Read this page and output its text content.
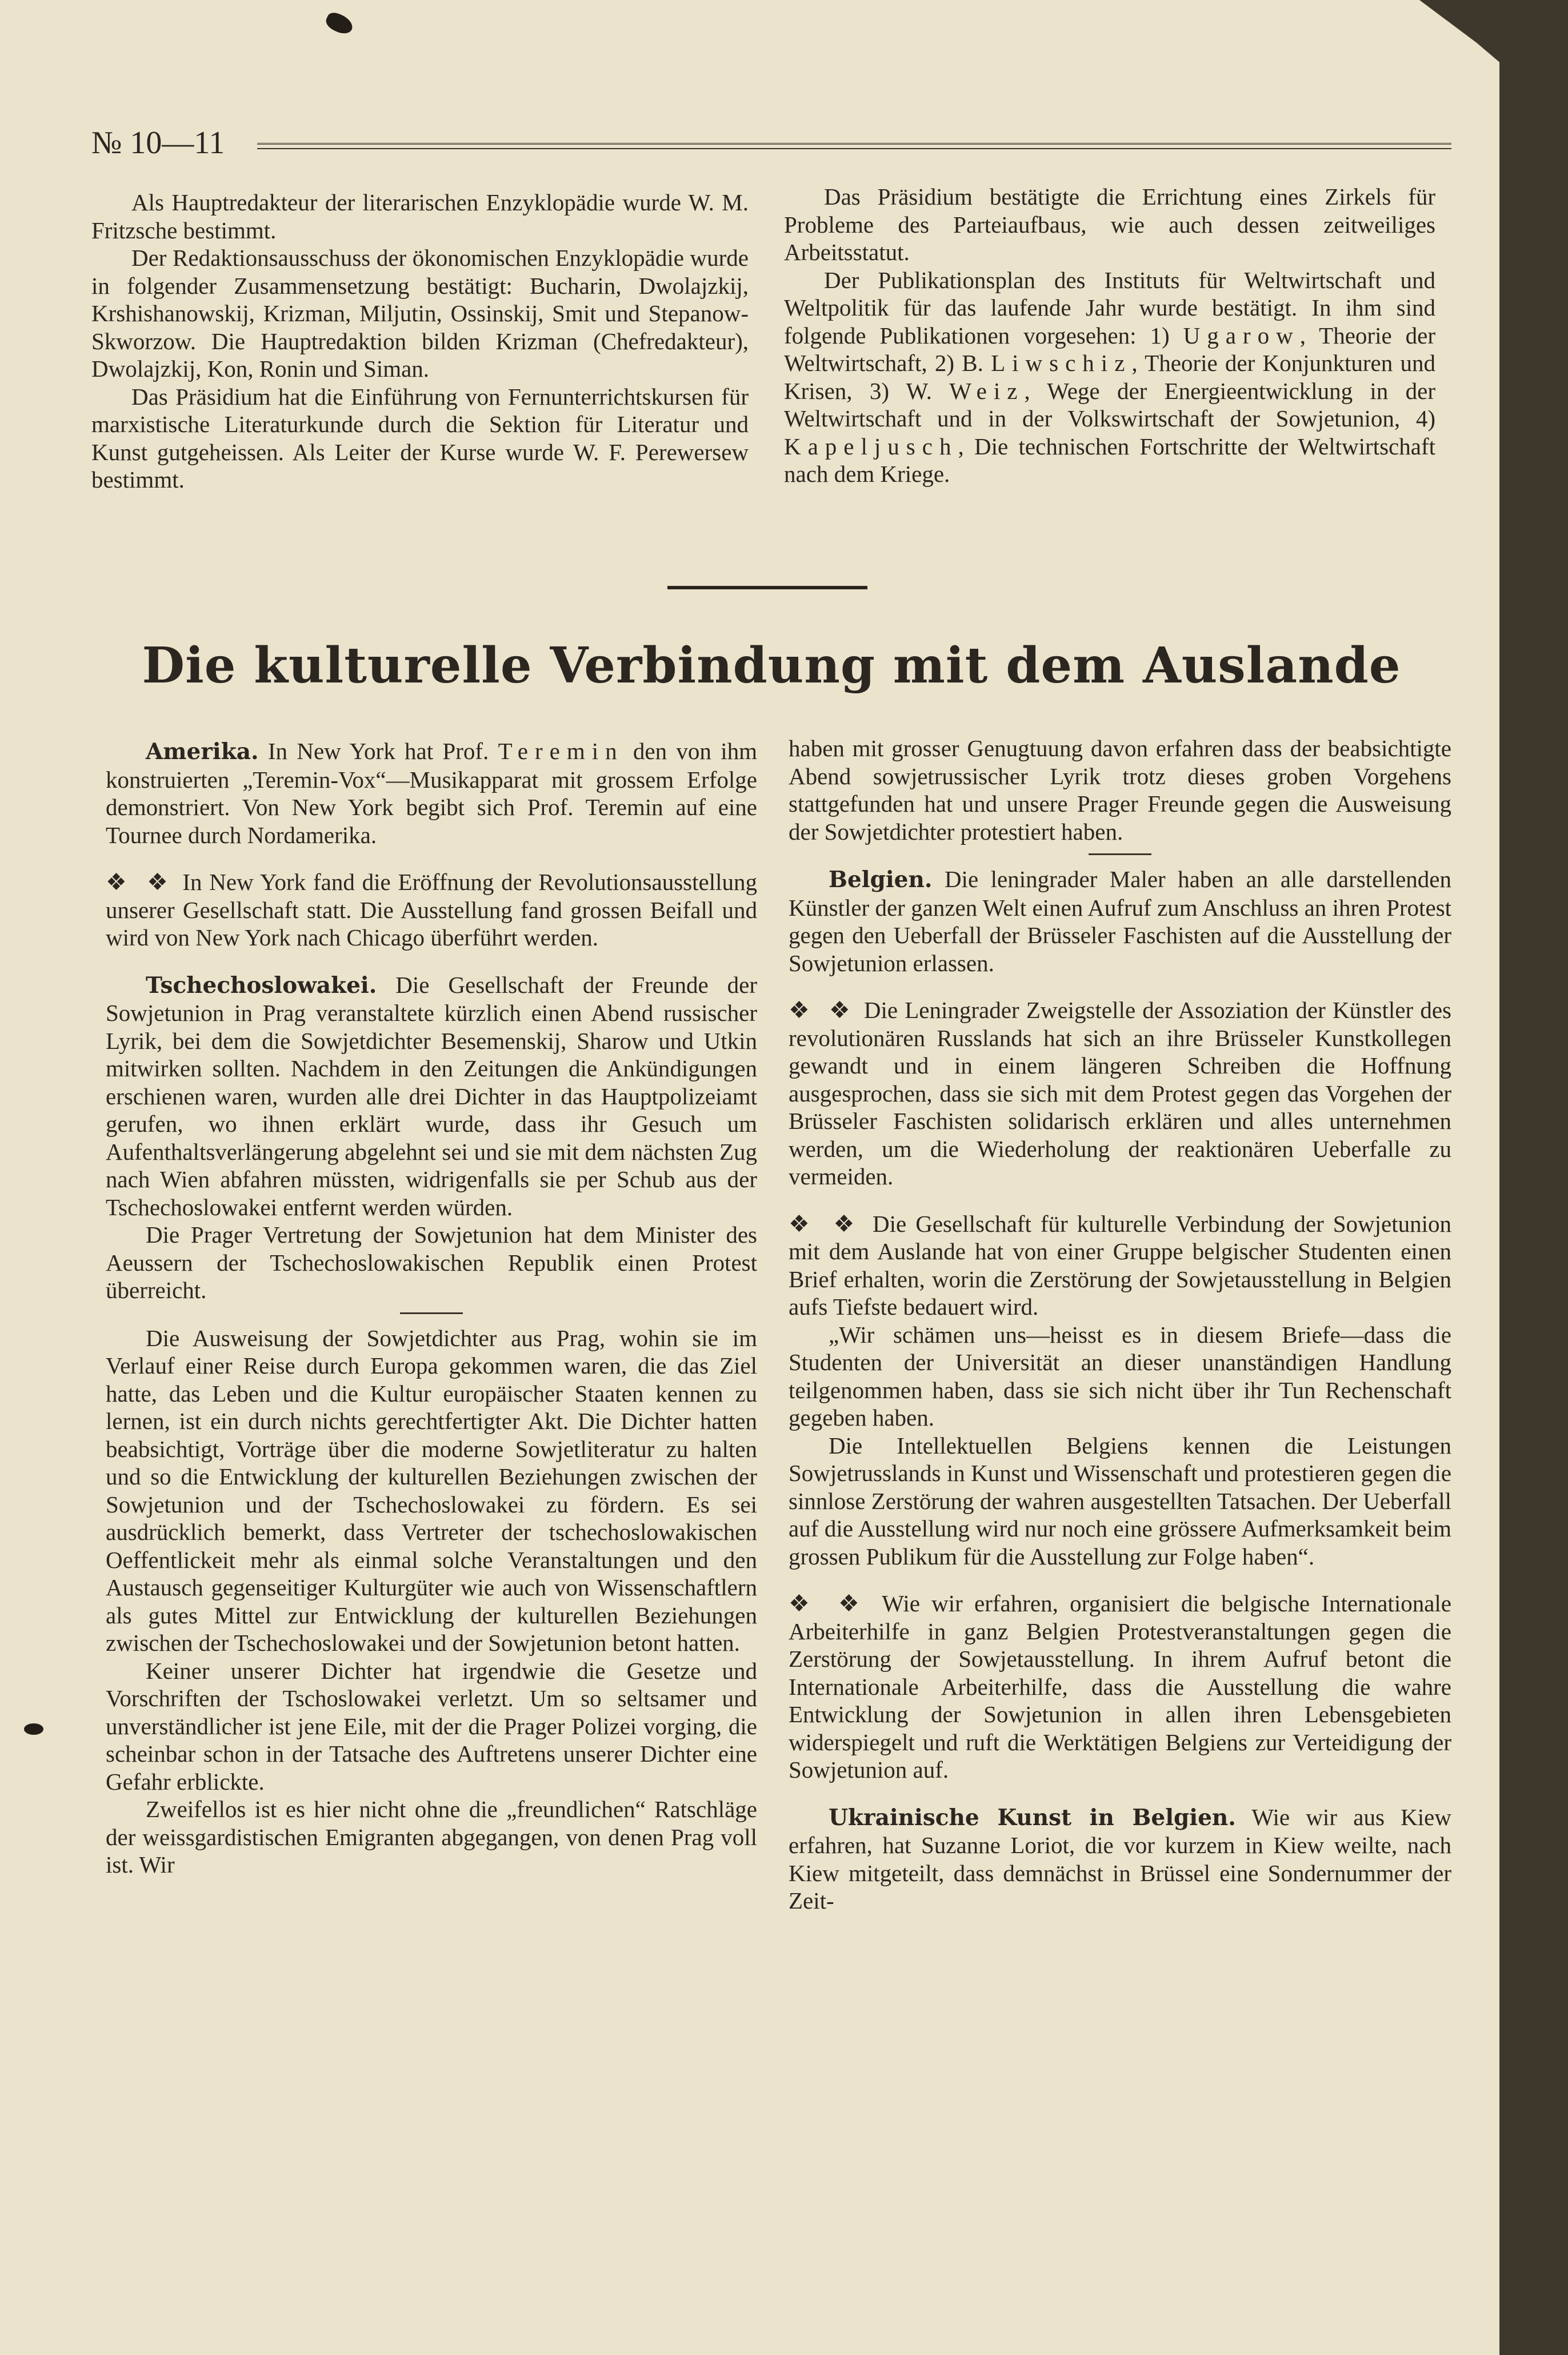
№ 10—11

Als Hauptredakteur der literarischen Enzyklopädie wurde W. M. Fritzsche bestimmt.

Der Redaktionsausschuss der ökonomischen Enzyklopädie wurde in folgender Zusammensetzung bestätigt: Bucharin, Dwolajzkij, Krshishanowskij, Krizman, Miljutin, Ossinskij, Smit und Stepanow-Skworzow. Die Hauptredaktion bilden Krizman (Chefredakteur), Dwolajzkij, Kon, Ronin und Siman.

Das Präsidium hat die Einführung von Fernunterrichtskursen für marxistische Literaturkunde durch die Sektion für Literatur und Kunst gutgeheissen. Als Leiter der Kurse wurde W. F. Perewersew bestimmt.

Das Präsidium bestätigte die Errichtung eines Zirkels für Probleme des Parteiaufbaus, wie auch dessen zeitweiliges Arbeitsstatut.

Der Publikationsplan des Instituts für Weltwirtschaft und Weltpolitik für das laufende Jahr wurde bestätigt. In ihm sind folgende Publikationen vorgesehen: 1) Ugarow, Theorie der Weltwirtschaft, 2) B. Liwschiz, Theorie der Konjunkturen und Krisen, 3) W. Weiz, Wege der Energieentwicklung in der Weltwirtschaft und in der Volkswirtschaft der Sowjetunion, 4) Kapeljusch, Die technischen Fortschritte der Weltwirtschaft nach dem Kriege.

Die kulturelle Verbindung mit dem Auslande

Amerika. In New York hat Prof. Teremin den von ihm konstruierten „Teremin-Vox“—Musikapparat mit grossem Erfolge demonstriert. Von New York begibt sich Prof. Teremin auf eine Tournee durch Nordamerika.

❖ ❖ In New York fand die Eröffnung der Revolutionsausstellung unserer Gesellschaft statt. Die Ausstellung fand grossen Beifall und wird von New York nach Chicago überführt werden.

Tschechoslowakei. Die Gesellschaft der Freunde der Sowjetunion in Prag veranstaltete kürzlich einen Abend russischer Lyrik, bei dem die Sowjetdichter Besemenskij, Sharow und Utkin mitwirken sollten. Nachdem in den Zeitungen die Ankündigungen erschienen waren, wurden alle drei Dichter in das Hauptpolizeiamt gerufen, wo ihnen erklärt wurde, dass ihr Gesuch um Aufenthaltsverlängerung abgelehnt sei und sie mit dem nächsten Zug nach Wien abfahren müssten, widrigenfalls sie per Schub aus der Tschechoslowakei entfernt werden würden.

Die Prager Vertretung der Sowjetunion hat dem Minister des Aeussern der Tschechoslowakischen Republik einen Protest überreicht.

Die Ausweisung der Sowjetdichter aus Prag, wohin sie im Verlauf einer Reise durch Europa gekommen waren, die das Ziel hatte, das Leben und die Kultur europäischer Staaten kennen zu lernen, ist ein durch nichts gerechtfertigter Akt. Die Dichter hatten beabsichtigt, Vorträge über die moderne Sowjetliteratur zu halten und so die Entwicklung der kulturellen Beziehungen zwischen der Sowjetunion und der Tschechoslowakei zu fördern. Es sei ausdrücklich bemerkt, dass Vertreter der tschechoslowakischen Oeffentlickeit mehr als einmal solche Veranstaltungen und den Austausch gegenseitiger Kulturgüter wie auch von Wissenschaftlern als gutes Mittel zur Entwicklung der kulturellen Beziehungen zwischen der Tschechoslowakei und der Sowjetunion betont hatten.

Keiner unserer Dichter hat irgendwie die Gesetze und Vorschriften der Tschoslowakei verletzt. Um so seltsamer und unverständlicher ist jene Eile, mit der die Prager Polizei vorging, die scheinbar schon in der Tatsache des Auftretens unserer Dichter eine Gefahr erblickte.

Zweifellos ist es hier nicht ohne die „freundlichen“ Ratschläge der weissgardistischen Emigranten abgegangen, von denen Prag voll ist. Wir

haben mit grosser Genugtuung davon erfahren dass der beabsichtigte Abend sowjetrussischer Lyrik trotz dieses groben Vorgehens stattgefunden hat und unsere Prager Freunde gegen die Ausweisung der Sowjetdichter protestiert haben.

Belgien. Die leningrader Maler haben an alle darstellenden Künstler der ganzen Welt einen Aufruf zum Anschluss an ihren Protest gegen den Ueberfall der Brüsseler Faschisten auf die Ausstellung der Sowjetunion erlassen.

❖ ❖ Die Leningrader Zweigstelle der Assoziation der Künstler des revolutionären Russlands hat sich an ihre Brüsseler Kunstkollegen gewandt und in einem längeren Schreiben die Hoffnung ausgesprochen, dass sie sich mit dem Protest gegen das Vorgehen der Brüsseler Faschisten solidarisch erklären und alles unternehmen werden, um die Wiederholung der reaktionären Ueberfalle zu vermeiden.

❖ ❖ Die Gesellschaft für kulturelle Verbindung der Sowjetunion mit dem Auslande hat von einer Gruppe belgischer Studenten einen Brief erhalten, worin die Zerstörung der Sowjetausstellung in Belgien aufs Tiefste bedauert wird.

„Wir schämen uns—heisst es in diesem Briefe—dass die Studenten der Universität an dieser unanständigen Handlung teilgenommen haben, dass sie sich nicht über ihr Tun Rechenschaft gegeben haben.

Die Intellektuellen Belgiens kennen die Leistungen Sowjetrusslands in Kunst und Wissenschaft und protestieren gegen die sinnlose Zerstörung der wahren ausgestellten Tatsachen. Der Ueberfall auf die Ausstellung wird nur noch eine grössere Aufmerksamkeit beim grossen Publikum für die Ausstellung zur Folge haben“.

❖ ❖ Wie wir erfahren, organisiert die belgische Internationale Arbeiterhilfe in ganz Belgien Protestveranstaltungen gegen die Zerstörung der Sowjetausstellung. In ihrem Aufruf betont die Internationale Arbeiterhilfe, dass die Ausstellung die wahre Entwicklung der Sowjetunion in allen ihren Lebensgebieten widerspiegelt und ruft die Werktätigen Belgiens zur Verteidigung der Sowjetunion auf.

Ukrainische Kunst in Belgien. Wie wir aus Kiew erfahren, hat Suzanne Loriot, die vor kurzem in Kiew weilte, nach Kiew mitgeteilt, dass demnächst in Brüssel eine Sondernummer der Zeit-
